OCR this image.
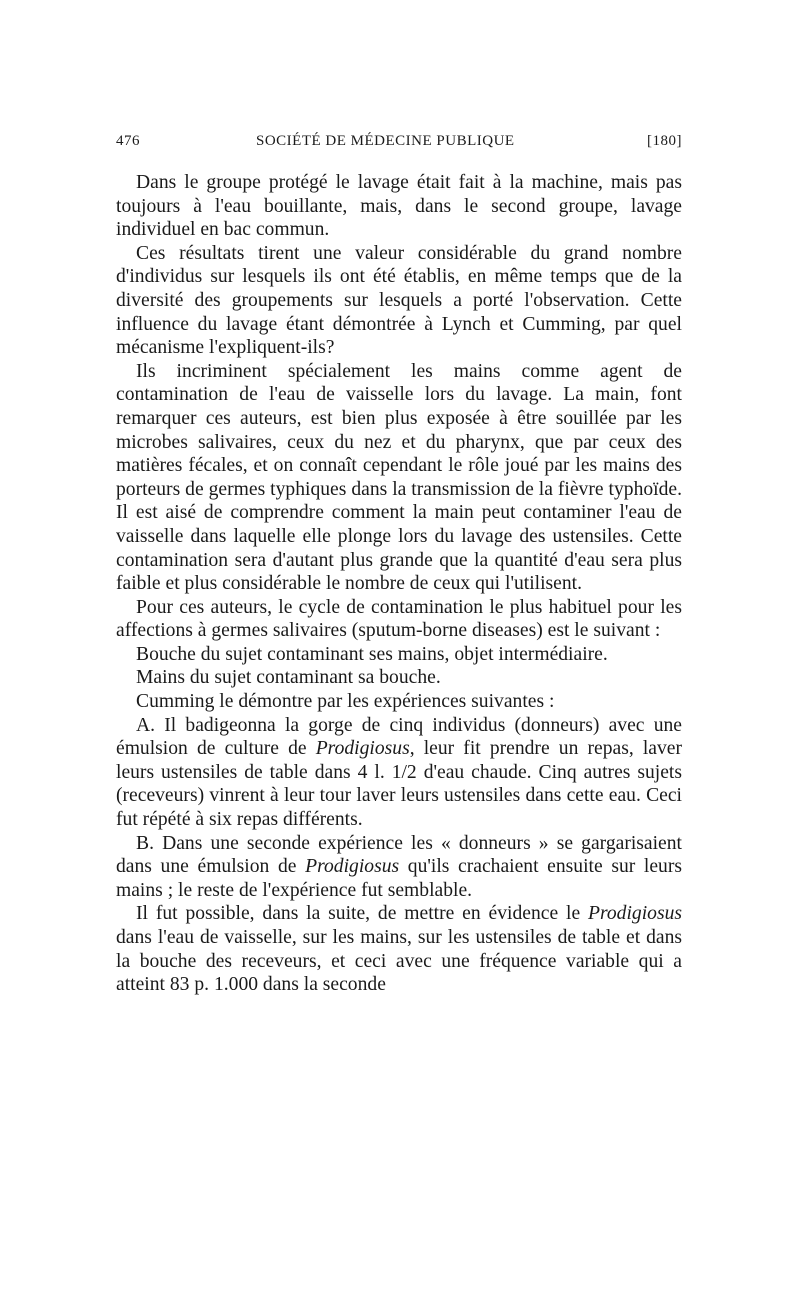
476	SOCIÉTÉ DE MÉDECINE PUBLIQUE	[180]

Dans le groupe protégé le lavage était fait à la machine, mais pas toujours à l'eau bouillante, mais, dans le second groupe, lavage individuel en bac commun.

Ces résultats tirent une valeur considérable du grand nombre d'individus sur lesquels ils ont été établis, en même temps que de la diversité des groupements sur lesquels a porté l'observation. Cette influence du lavage étant démontrée à Lynch et Cumming, par quel mécanisme l'expliquent-ils?

Ils incriminent spécialement les mains comme agent de contamination de l'eau de vaisselle lors du lavage. La main, font remarquer ces auteurs, est bien plus exposée à être souillée par les microbes salivaires, ceux du nez et du pharynx, que par ceux des matières fécales, et on connaît cependant le rôle joué par les mains des porteurs de germes typhiques dans la transmission de la fièvre typhoïde. Il est aisé de comprendre comment la main peut contaminer l'eau de vaisselle dans laquelle elle plonge lors du lavage des ustensiles. Cette contamination sera d'autant plus grande que la quantité d'eau sera plus faible et plus considérable le nombre de ceux qui l'utilisent.

Pour ces auteurs, le cycle de contamination le plus habituel pour les affections à germes salivaires (sputum-borne diseases) est le suivant :

Bouche du sujet contaminant ses mains, objet intermédiaire.

Mains du sujet contaminant sa bouche.

Cumming le démontre par les expériences suivantes :

A. Il badigeonna la gorge de cinq individus (donneurs) avec une émulsion de culture de Prodigiosus, leur fit prendre un repas, laver leurs ustensiles de table dans 4 l. 1/2 d'eau chaude. Cinq autres sujets (receveurs) vinrent à leur tour laver leurs ustensiles dans cette eau. Ceci fut répété à six repas différents.

B. Dans une seconde expérience les « donneurs » se gargarisaient dans une émulsion de Prodigiosus qu'ils crachaient ensuite sur leurs mains ; le reste de l'expérience fut semblable.

Il fut possible, dans la suite, de mettre en évidence le Prodigiosus dans l'eau de vaisselle, sur les mains, sur les ustensiles de table et dans la bouche des receveurs, et ceci avec une fréquence variable qui a atteint 83 p. 1.000 dans la seconde
